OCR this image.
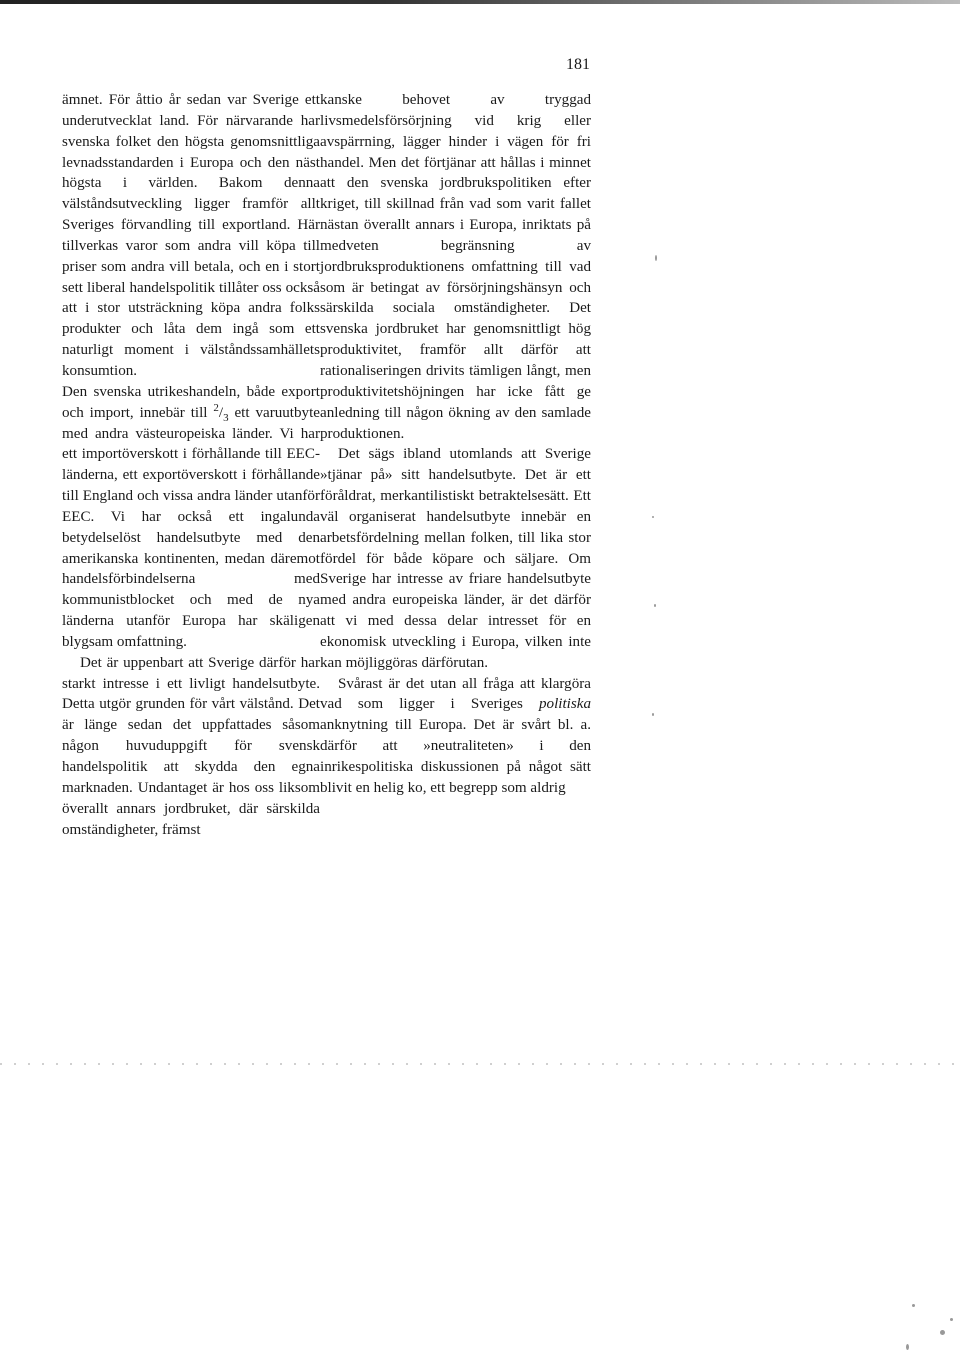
181

ämnet. För åttio år sedan var Sverige ett underutvecklat land. För närvarande har svenska folket den högsta genomsnittliga levnadsstandarden i Europa och den näst högsta i världen. Bakom denna välståndsutveckling ligger framför allt Sveriges förvandling till exportland. Här tillverkas varor som andra vill köpa till priser som andra vill betala, och en i stort sett liberal handelspolitik tillåter oss också att i stor utsträckning köpa andra folks produkter och låta dem ingå som ett naturligt moment i välståndssamhällets konsumtion.

Den svenska utrikeshandeln, både export och import, innebär till $^2/_3$ ett varuutbyte med andra västeuropeiska länder. Vi har ett importöverskott i förhållande till EEC-länderna, ett exportöverskott i förhållande till England och vissa andra länder utanför EEC. Vi har också ett ingalunda betydelselöst handelsutbyte med den amerikanska kontinenten, medan däremot handelsförbindelserna med kommunistblocket och med de nya länderna utanför Europa har skäligen blygsam omfattning.

Det är uppenbart att Sverige därför har starkt intresse i ett livligt handelsutbyte. Detta utgör grunden för vårt välstånd. Det är länge sedan det uppfattades såsom någon huvuduppgift för svensk handelspolitik att skydda den egna marknaden. Undantaget är hos oss liksom överallt annars jordbruket, där särskilda omständigheter, främst

kanske behovet av tryggad livsmedelsförsörjning vid krig eller avspärrning, lägger hinder i vägen för fri handel. Men det förtjänar att hållas i minnet att den svenska jordbrukspolitiken efter kriget, till skillnad från vad som varit fallet nästan överallt annars i Europa, inriktats på medveten begränsning av jordbruksproduktionens omfattning till vad som är betingat av försörjningshänsyn och särskilda sociala omständigheter. Det svenska jordbruket har genomsnittligt hög produktivitet, framför allt därför att rationaliseringen drivits tämligen långt, men produktivitetshöjningen har icke fått ge anledning till någon ökning av den samlade produktionen.

Det sägs ibland utomlands att Sverige »tjänar på» sitt handelsutbyte. Det är ett föråldrat, merkantilistiskt betraktelsesätt. Ett väl organiserat handelsutbyte innebär en arbetsfördelning mellan folken, till lika stor fördel för både köpare och säljare. Om Sverige har intresse av friare handelsutbyte med andra europeiska länder, är det därför att vi med dessa delar intresset för en ekonomisk utveckling i Europa, vilken inte kan möjliggöras därförutan.

Svårast är det utan all fråga att klargöra vad som ligger i Sveriges politiska anknytning till Europa. Det är svårt bl. a. därför att »neutraliteten» i den inrikespolitiska diskussionen på något sätt blivit en helig ko, ett begrepp som aldrig
